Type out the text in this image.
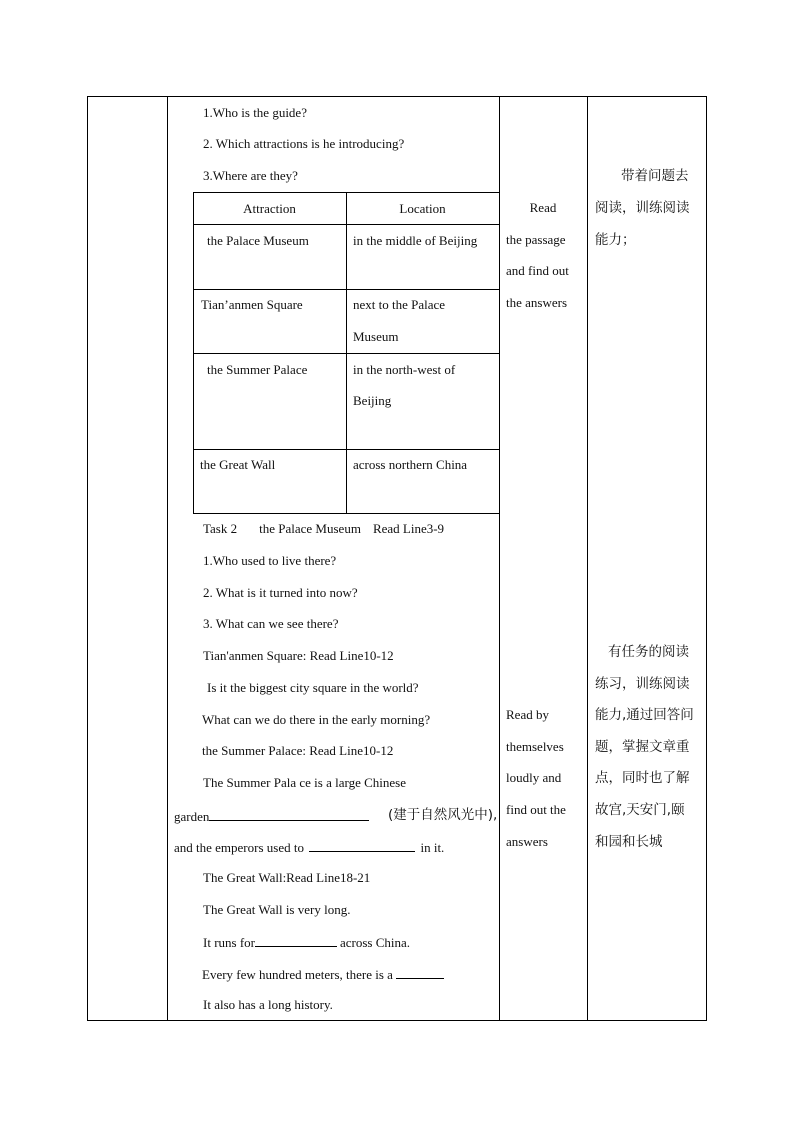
1.Who is the guide?
2. Which attractions is he introducing?
3.Where are they?
Attraction	Location
the Palace Museum	in the middle of Beijing
Tian’anmen Square	next to the Palace
Museum
the Summer Palace	in the north-west of
Beijing
the Great Wall	across northern China
Task 2 the Palace Museum Read Line3-9
1.Who used to live there?
2. What is it turned into now?
3. What can we see there?
Tian'anmen Square: Read Line10-12
Is it the biggest city square in the world?
What can we do there in the early morning?
the Summer Palace: Read Line10-12
The Summer Pala ce is a large Chinese
garden	(建于自然风光中),
and the emperors used to	in it.
The Great Wall:Read Line18-21
The Great Wall is very long.
It runs for	across China.
Every few hundred meters, there is a
It also has a long history.
Read
the passage
and find out
the answers
Read by
themselves
loudly and
find out the
answers
带着问题去
阅读，训练阅读
能力；
有任务的阅读
练习，训练阅读
能力,通过回答问
题，掌握文章重
点，同时也了解
故宫,天安门,颐
和园和长城
